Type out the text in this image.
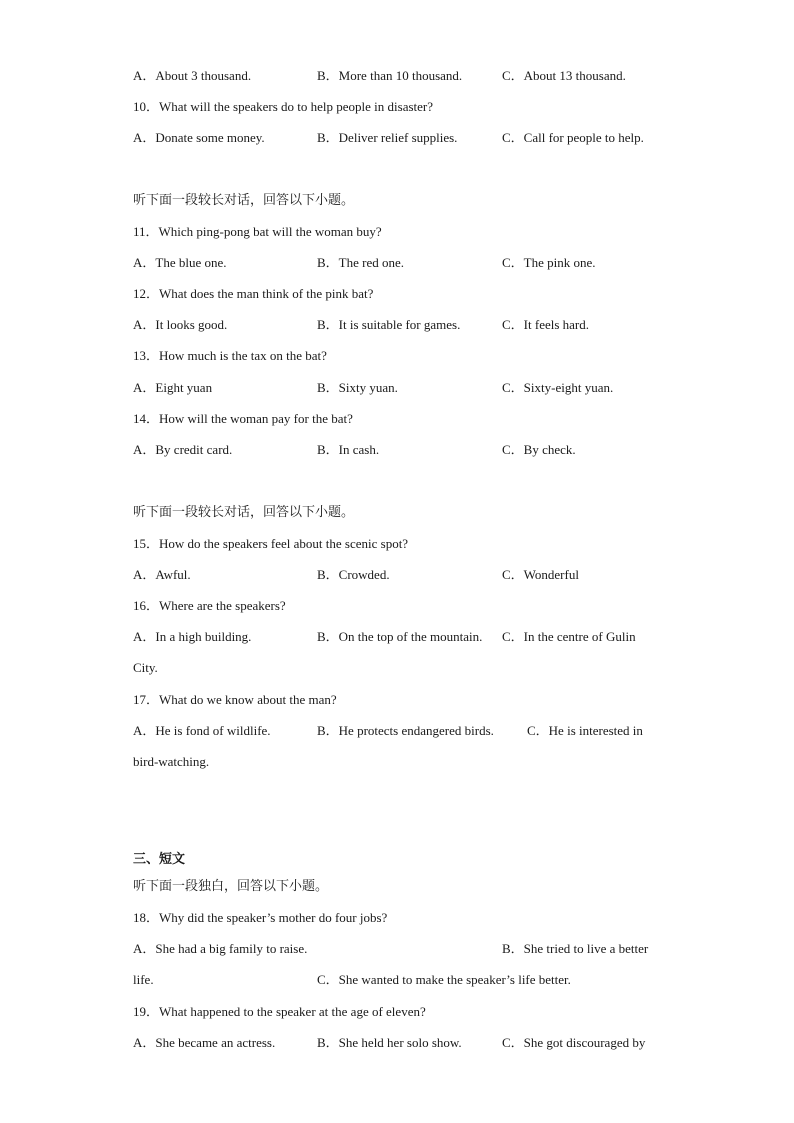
A．About 3 thousand.	B．More than 10 thousand.	C．About 13 thousand.
10．What will the speakers do to help people in disaster?
A．Donate some money.	B．Deliver relief supplies.	C．Call for people to help.
听下面一段较长对话，回答以下小题。
11．Which ping-pong bat will the woman buy?
A．The blue one.	B．The red one.	C．The pink one.
12．What does the man think of the pink bat?
A．It looks good.	B．It is suitable for games.	C．It feels hard.
13．How much is the tax on the bat?
A．Eight yuan	B．Sixty yuan.	C．Sixty-eight yuan.
14．How will the woman pay for the bat?
A．By credit card.	B．In cash.	C．By check.
听下面一段较长对话，回答以下小题。
15．How do the speakers feel about the scenic spot?
A．Awful.	B．Crowded.	C．Wonderful
16．Where are the speakers?
A．In a high building.	B．On the top of the mountain. C．In the centre of Gulin
City.
17．What do we know about the man?
A．He is fond of wildlife.	B．He protects endangered birds.	C．He is interested in
bird-watching.
三、短文
听下面一段独白，回答以下小题。
18．Why did the speaker’s mother do four jobs?
A．She had a big family to raise.	B．She tried to live a better
life.	C．She wanted to make the speaker’s life better.
19．What happened to the speaker at the age of eleven?
A．She became an actress.	B．She held her solo show.	C．She got discouraged by
